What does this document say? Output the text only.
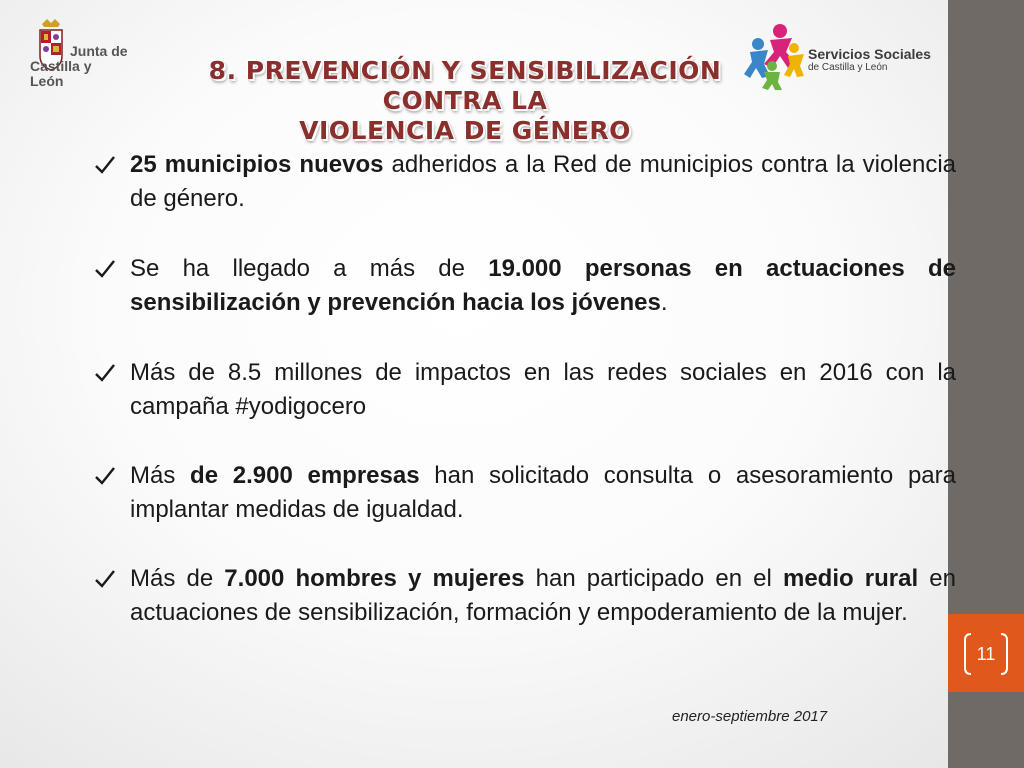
11
Junta de
Castilla y León	8. PREVENCIÓN Y SENSIBILIZACIÓN CONTRA LA
VIOLENCIA DE GÉNERO
Servicios Sociales
de Castilla y León
25 municipios nuevos adheridos a la Red de municipios contra la violencia de género.
Se ha llegado a más de 19.000 personas en actuaciones de sensibilización y prevención hacia los jóvenes.
Más de 8.5 millones de impactos en las redes sociales en 2016 con la campaña #yodigocero
Más de 2.900 empresas han solicitado consulta o asesoramiento para implantar medidas de igualdad.
Más de 7.000 hombres y mujeres han participado en el medio rural en actuaciones de sensibilización, formación y empoderamiento de la mujer.
enero-septiembre 2017
